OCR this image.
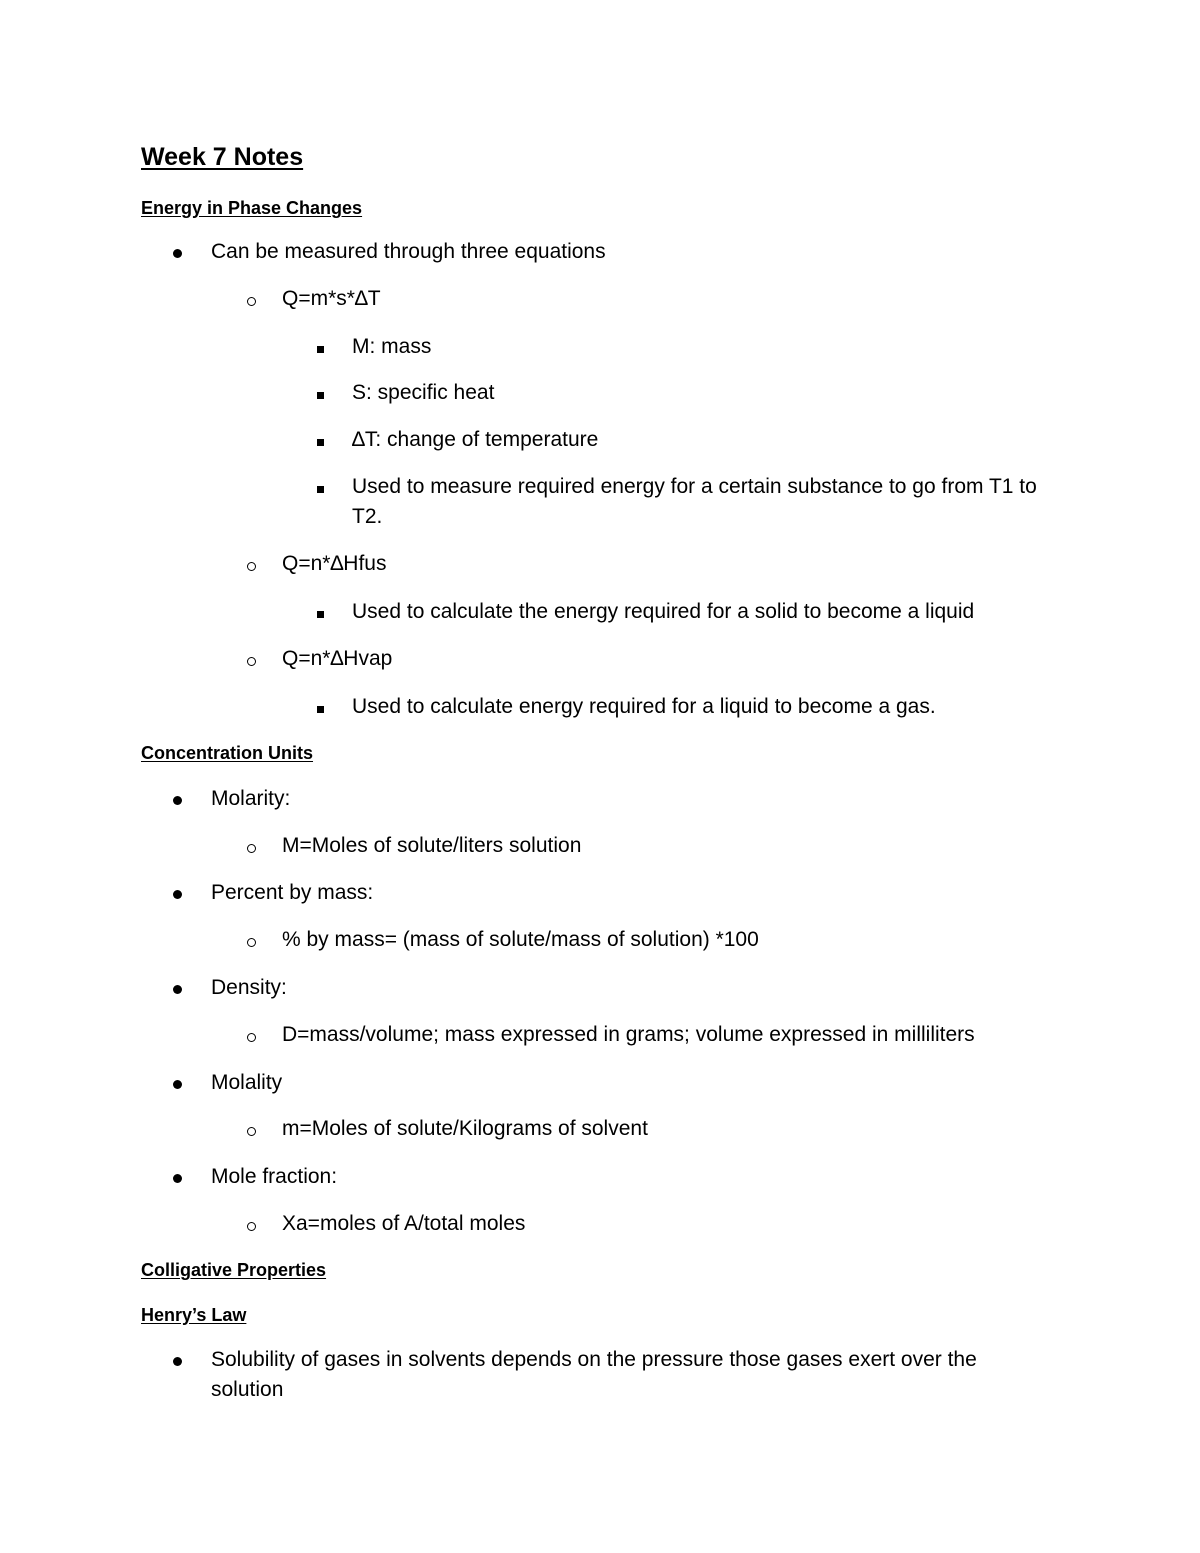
Week 7 Notes
Energy in Phase Changes
Can be measured through three equations
Q=m*s*∆T
M: mass
S: specific heat
∆T: change of temperature
Used to measure required energy for a certain substance to go from T1 to T2.
Q=n*∆Hfus
Used to calculate the energy required for a solid to become a liquid
Q=n*∆Hvap
Used to calculate energy required for a liquid to become a gas.
Concentration Units
Molarity:
M=Moles of solute/liters solution
Percent by mass:
% by mass= (mass of solute/mass of solution) *100
Density:
D=mass/volume; mass expressed in grams; volume expressed in milliliters
Molality
m=Moles of solute/Kilograms of solvent
Mole fraction:
Xa=moles of A/total moles
Colligative Properties
Henry’s Law
Solubility of gases in solvents depends on the pressure those gases exert over the solution
